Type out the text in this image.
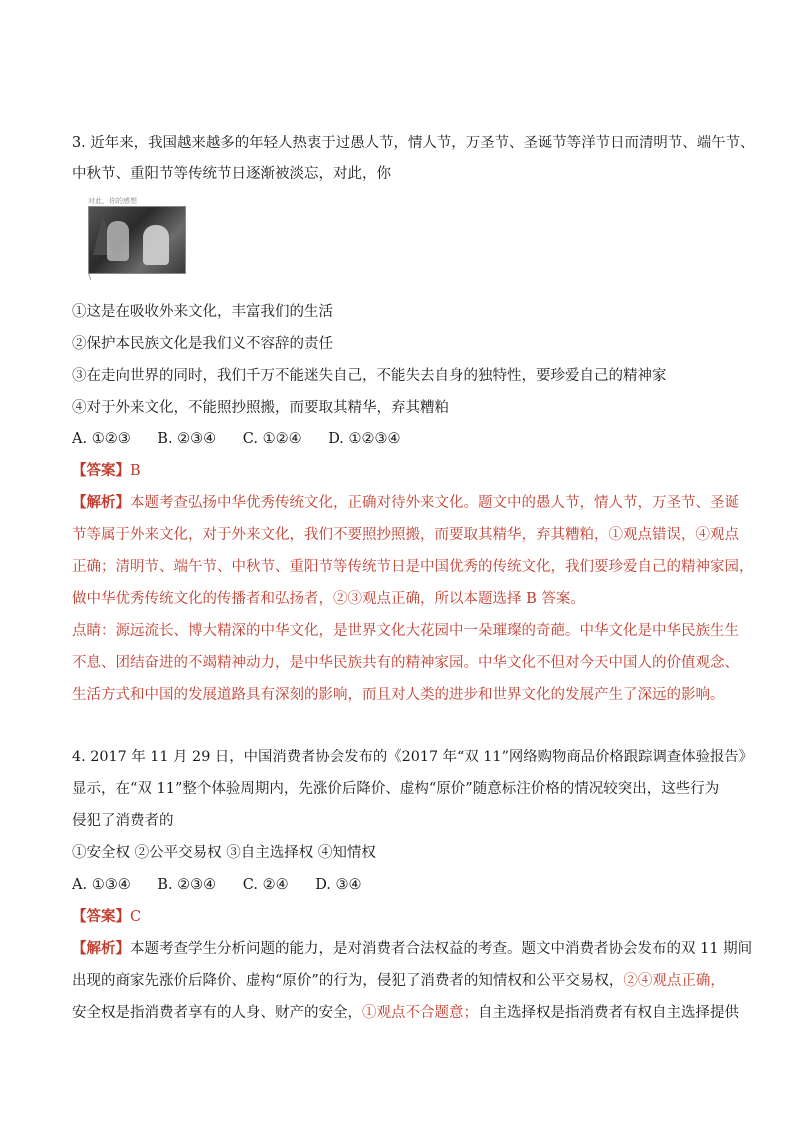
3. 近年来，我国越来越多的年轻人热衷于过愚人节，情人节，万圣节、圣诞节等洋节日而清明节、端午节、
中秋节、重阳节等传统节日逐渐被淡忘，对此，你
对此，你的感想
\
①这是在吸收外来文化，丰富我们的生活
②保护本民族文化是我们义不容辞的责任
③在走向世界的同时，我们千万不能迷失自己，不能失去自身的独特性，要珍爱自己的精神家
④对于外来文化，不能照抄照搬，而要取其精华，弃其糟粕
A. ①②③ B. ②③④ C. ①②④ D. ①②③④
【答案】B
【解析】本题考查弘扬中华优秀传统文化，正确对待外来文化。题文中的愚人节，情人节，万圣节、圣诞
节等属于外来文化，对于外来文化，我们不要照抄照搬，而要取其精华，弃其糟粕，①观点错误，④观点
正确；清明节、端午节、中秋节、重阳节等传统节日是中国优秀的传统文化，我们要珍爱自己的精神家园，
做中华优秀传统文化的传播者和弘扬者，②③观点正确，所以本题选择 B 答案。
点睛：源远流长、博大精深的中华文化，是世界文化大花园中一朵璀璨的奇葩。中华文化是中华民族生生
不息、团结奋进的不竭精神动力，是中华民族共有的精神家园。中华文化不但对今天中国人的价值观念、
生活方式和中国的发展道路具有深刻的影响，而且对人类的进步和世界文化的发展产生了深远的影响。
4. 2017 年 11 月 29 日，中国消费者协会发布的《2017 年“双 11”网络购物商品价格跟踪调查体验报告》
显示，在“双 11”整个体验周期内，先涨价后降价、虚构“原价”随意标注价格的情况较突出，这些行为
侵犯了消费者的
①安全权 ②公平交易权 ③自主选择权 ④知情权
A. ①③④ B. ②③④ C. ②④ D. ③④
【答案】C
【解析】本题考查学生分析问题的能力，是对消费者合法权益的考查。题文中消费者协会发布的双 11 期间
出现的商家先涨价后降价、虚构“原价”的行为，侵犯了消费者的知情权和公平交易权，②④观点正确，
安全权是指消费者享有的人身、财产的安全，①观点不合题意；自主选择权是指消费者有权自主选择提供
